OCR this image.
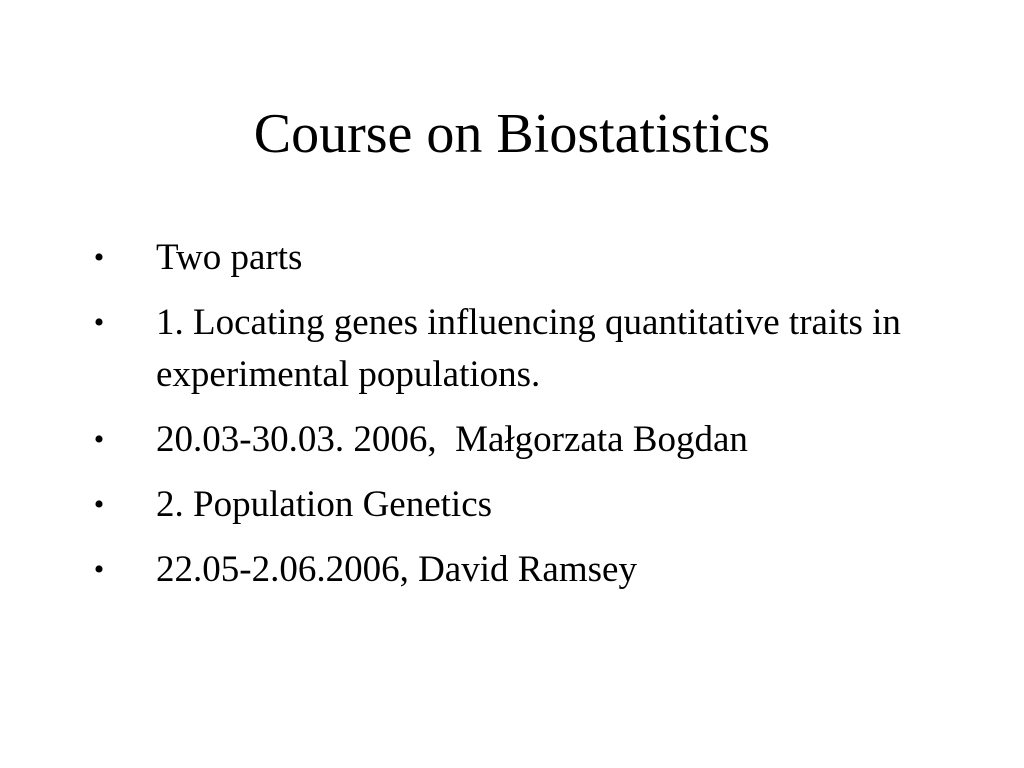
Course on Biostatistics
• Two parts
• 1. Locating genes influencing quantitative traits in experimental populations.
• 20.03-30.03. 2006,  Małgorzata Bogdan
• 2. Population Genetics
• 22.05-2.06.2006, David Ramsey
